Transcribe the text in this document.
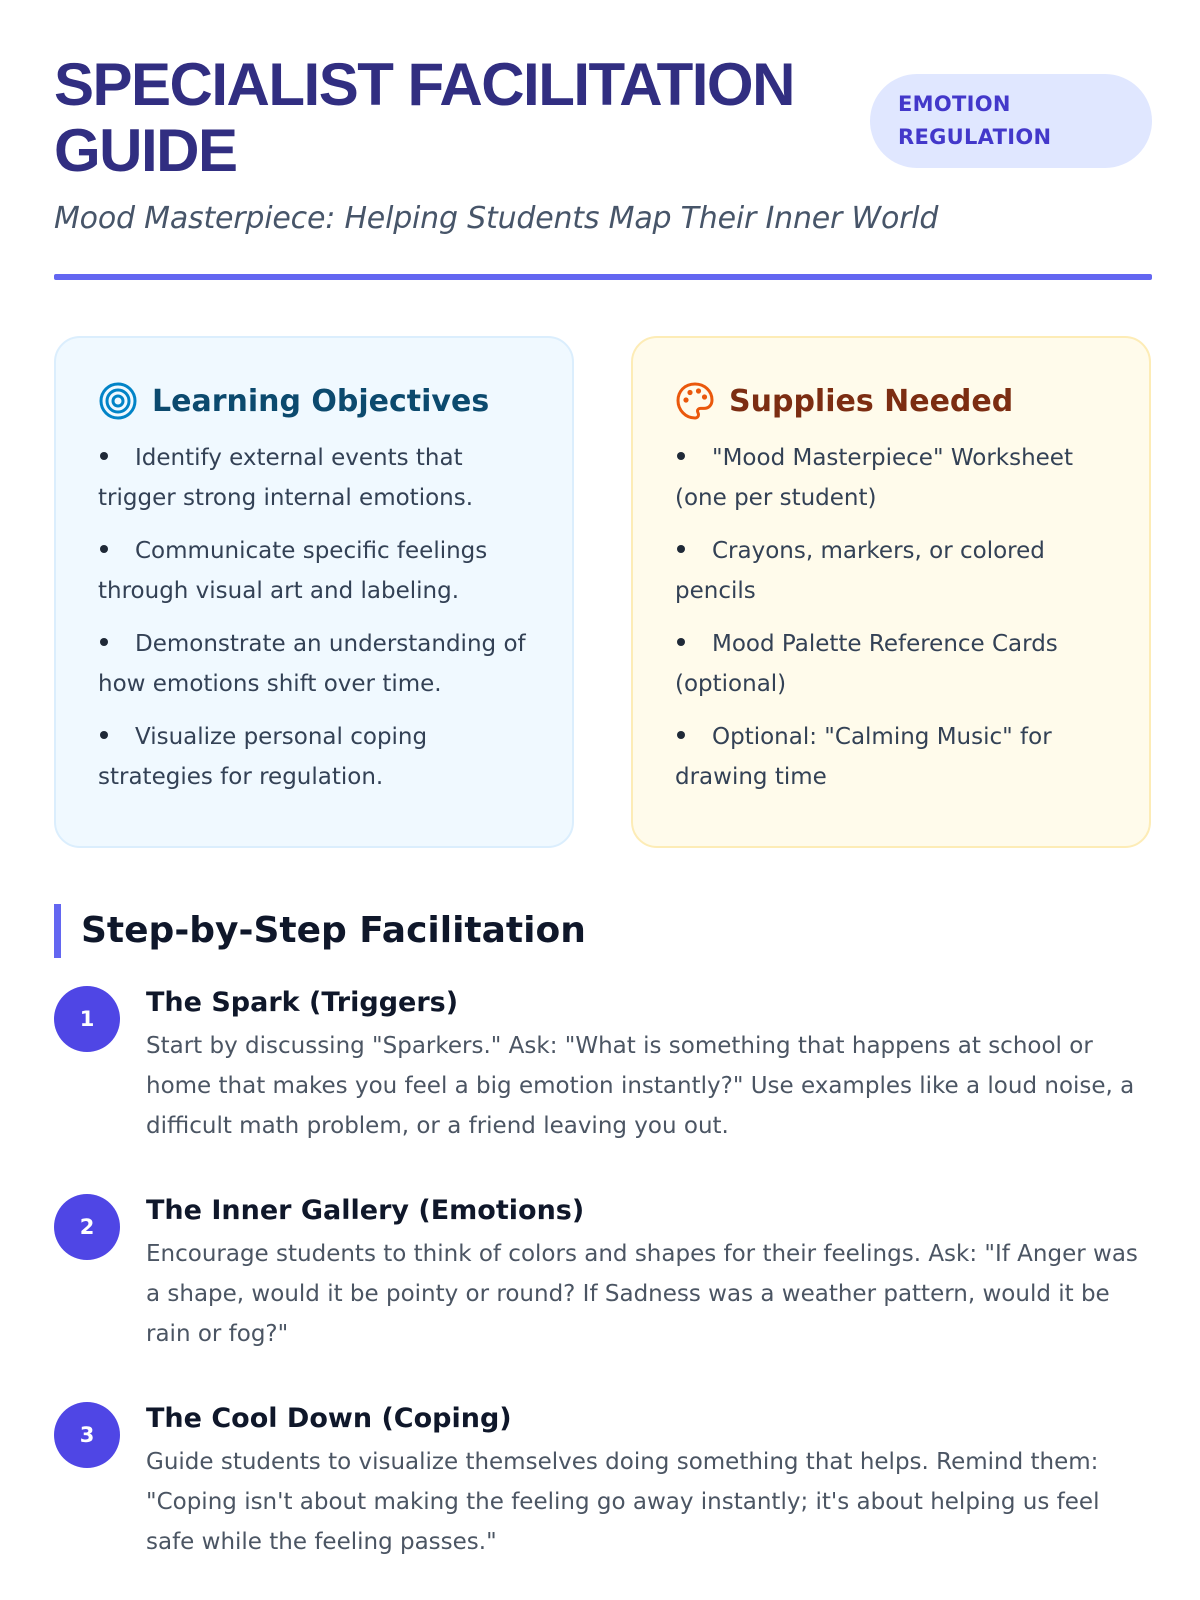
SPECIALIST FACILITATION GUIDE
EMOTION REGULATION
Mood Masterpiece: Helping Students Map Their Inner World
Learning Objectives
Identify external events that trigger strong internal emotions.
Communicate specific feelings through visual art and labeling.
Demonstrate an understanding of how emotions shift over time.
Visualize personal coping strategies for regulation.
Supplies Needed
"Mood Masterpiece" Worksheet (one per student)
Crayons, markers, or colored pencils
Mood Palette Reference Cards (optional)
Optional: "Calming Music" for drawing time
Step-by-Step Facilitation
1
The Spark (Triggers)
Start by discussing "Sparkers." Ask: "What is something that happens at school or home that makes you feel a big emotion instantly?" Use examples like a loud noise, a difficult math problem, or a friend leaving you out.
2
The Inner Gallery (Emotions)
Encourage students to think of colors and shapes for their feelings. Ask: "If Anger was a shape, would it be pointy or round? If Sadness was a weather pattern, would it be rain or fog?"
3
The Cool Down (Coping)
Guide students to visualize themselves doing something that helps. Remind them: "Coping isn't about making the feeling go away instantly; it's about helping us feel safe while the feeling passes."
